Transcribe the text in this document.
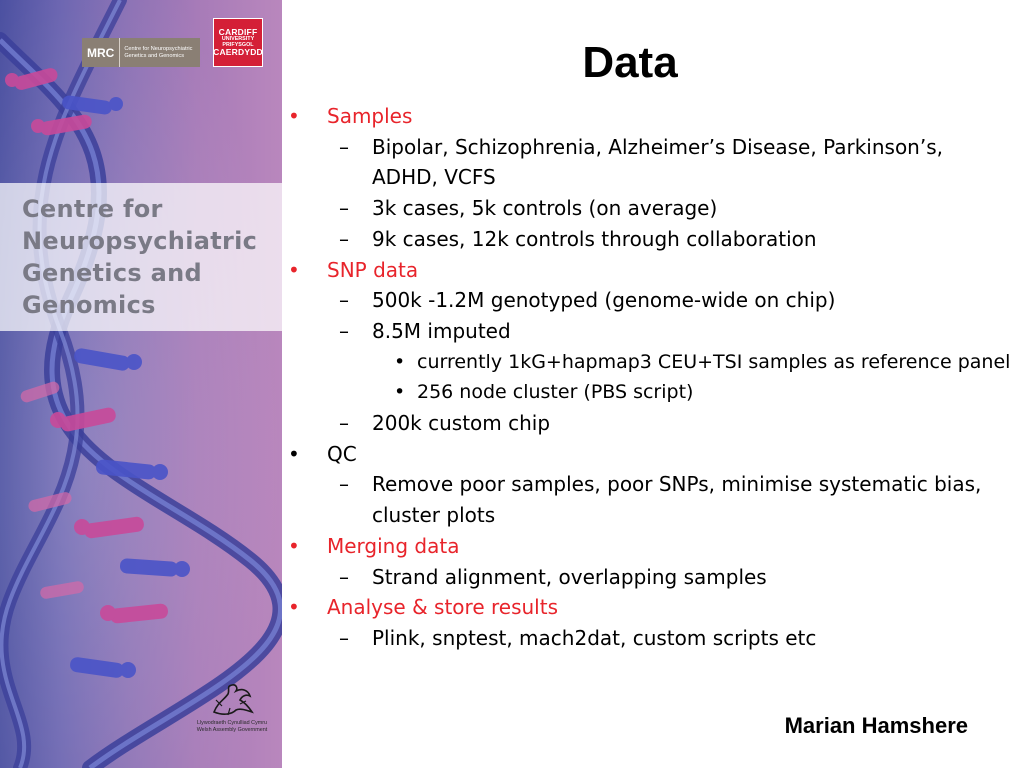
MRC	Centre for Neuropsychiatric Genetics and Genomics
CARDIFF
UNIVERSITY
PRIFYSGOL
CAERDYDD
Centre for Neuropsychiatric Genetics and Genomics
Llywodraeth Cynulliad Cymru Welsh Assembly Government
Data
• Samples
– Bipolar, Schizophrenia, Alzheimer’s Disease, Parkinson’s, ADHD, VCFS
– 3k cases, 5k controls (on average)
– 9k cases, 12k controls through collaboration
• SNP data
– 500k -1.2M genotyped (genome-wide on chip)
– 8.5M imputed
• currently 1kG+hapmap3 CEU+TSI samples as reference panel
• 256 node cluster (PBS script)
– 200k custom chip
• QC
– Remove poor samples, poor SNPs, minimise systematic bias, cluster plots
• Merging data
– Strand alignment, overlapping samples
• Analyse & store results
– Plink, snptest, mach2dat, custom scripts etc
Marian Hamshere
